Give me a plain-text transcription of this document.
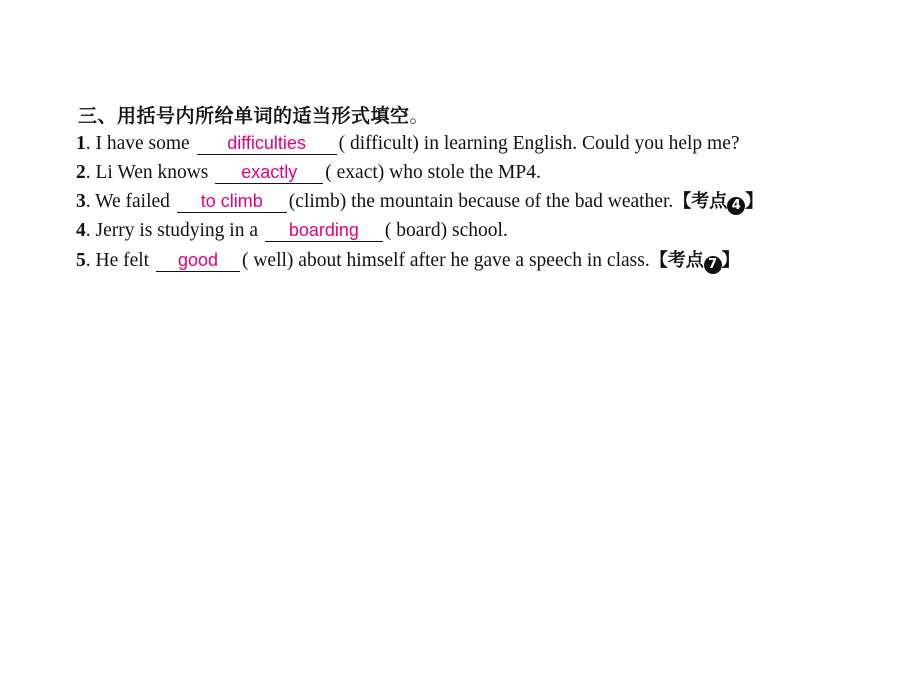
三、用括号内所给单词的适当形式填空。
1. I have some difficulties ( difficult) in learning English. Could you help me?
2. Li Wen knows exactly ( exact) who stole the MP4.
3. We failed to climb (climb) the mountain because of the bad weather.【考点 4 】
4. Jerry is studying in a boarding ( board) school.
5. He felt good ( well) about himself after he gave a speech in class.【考点 7 】
